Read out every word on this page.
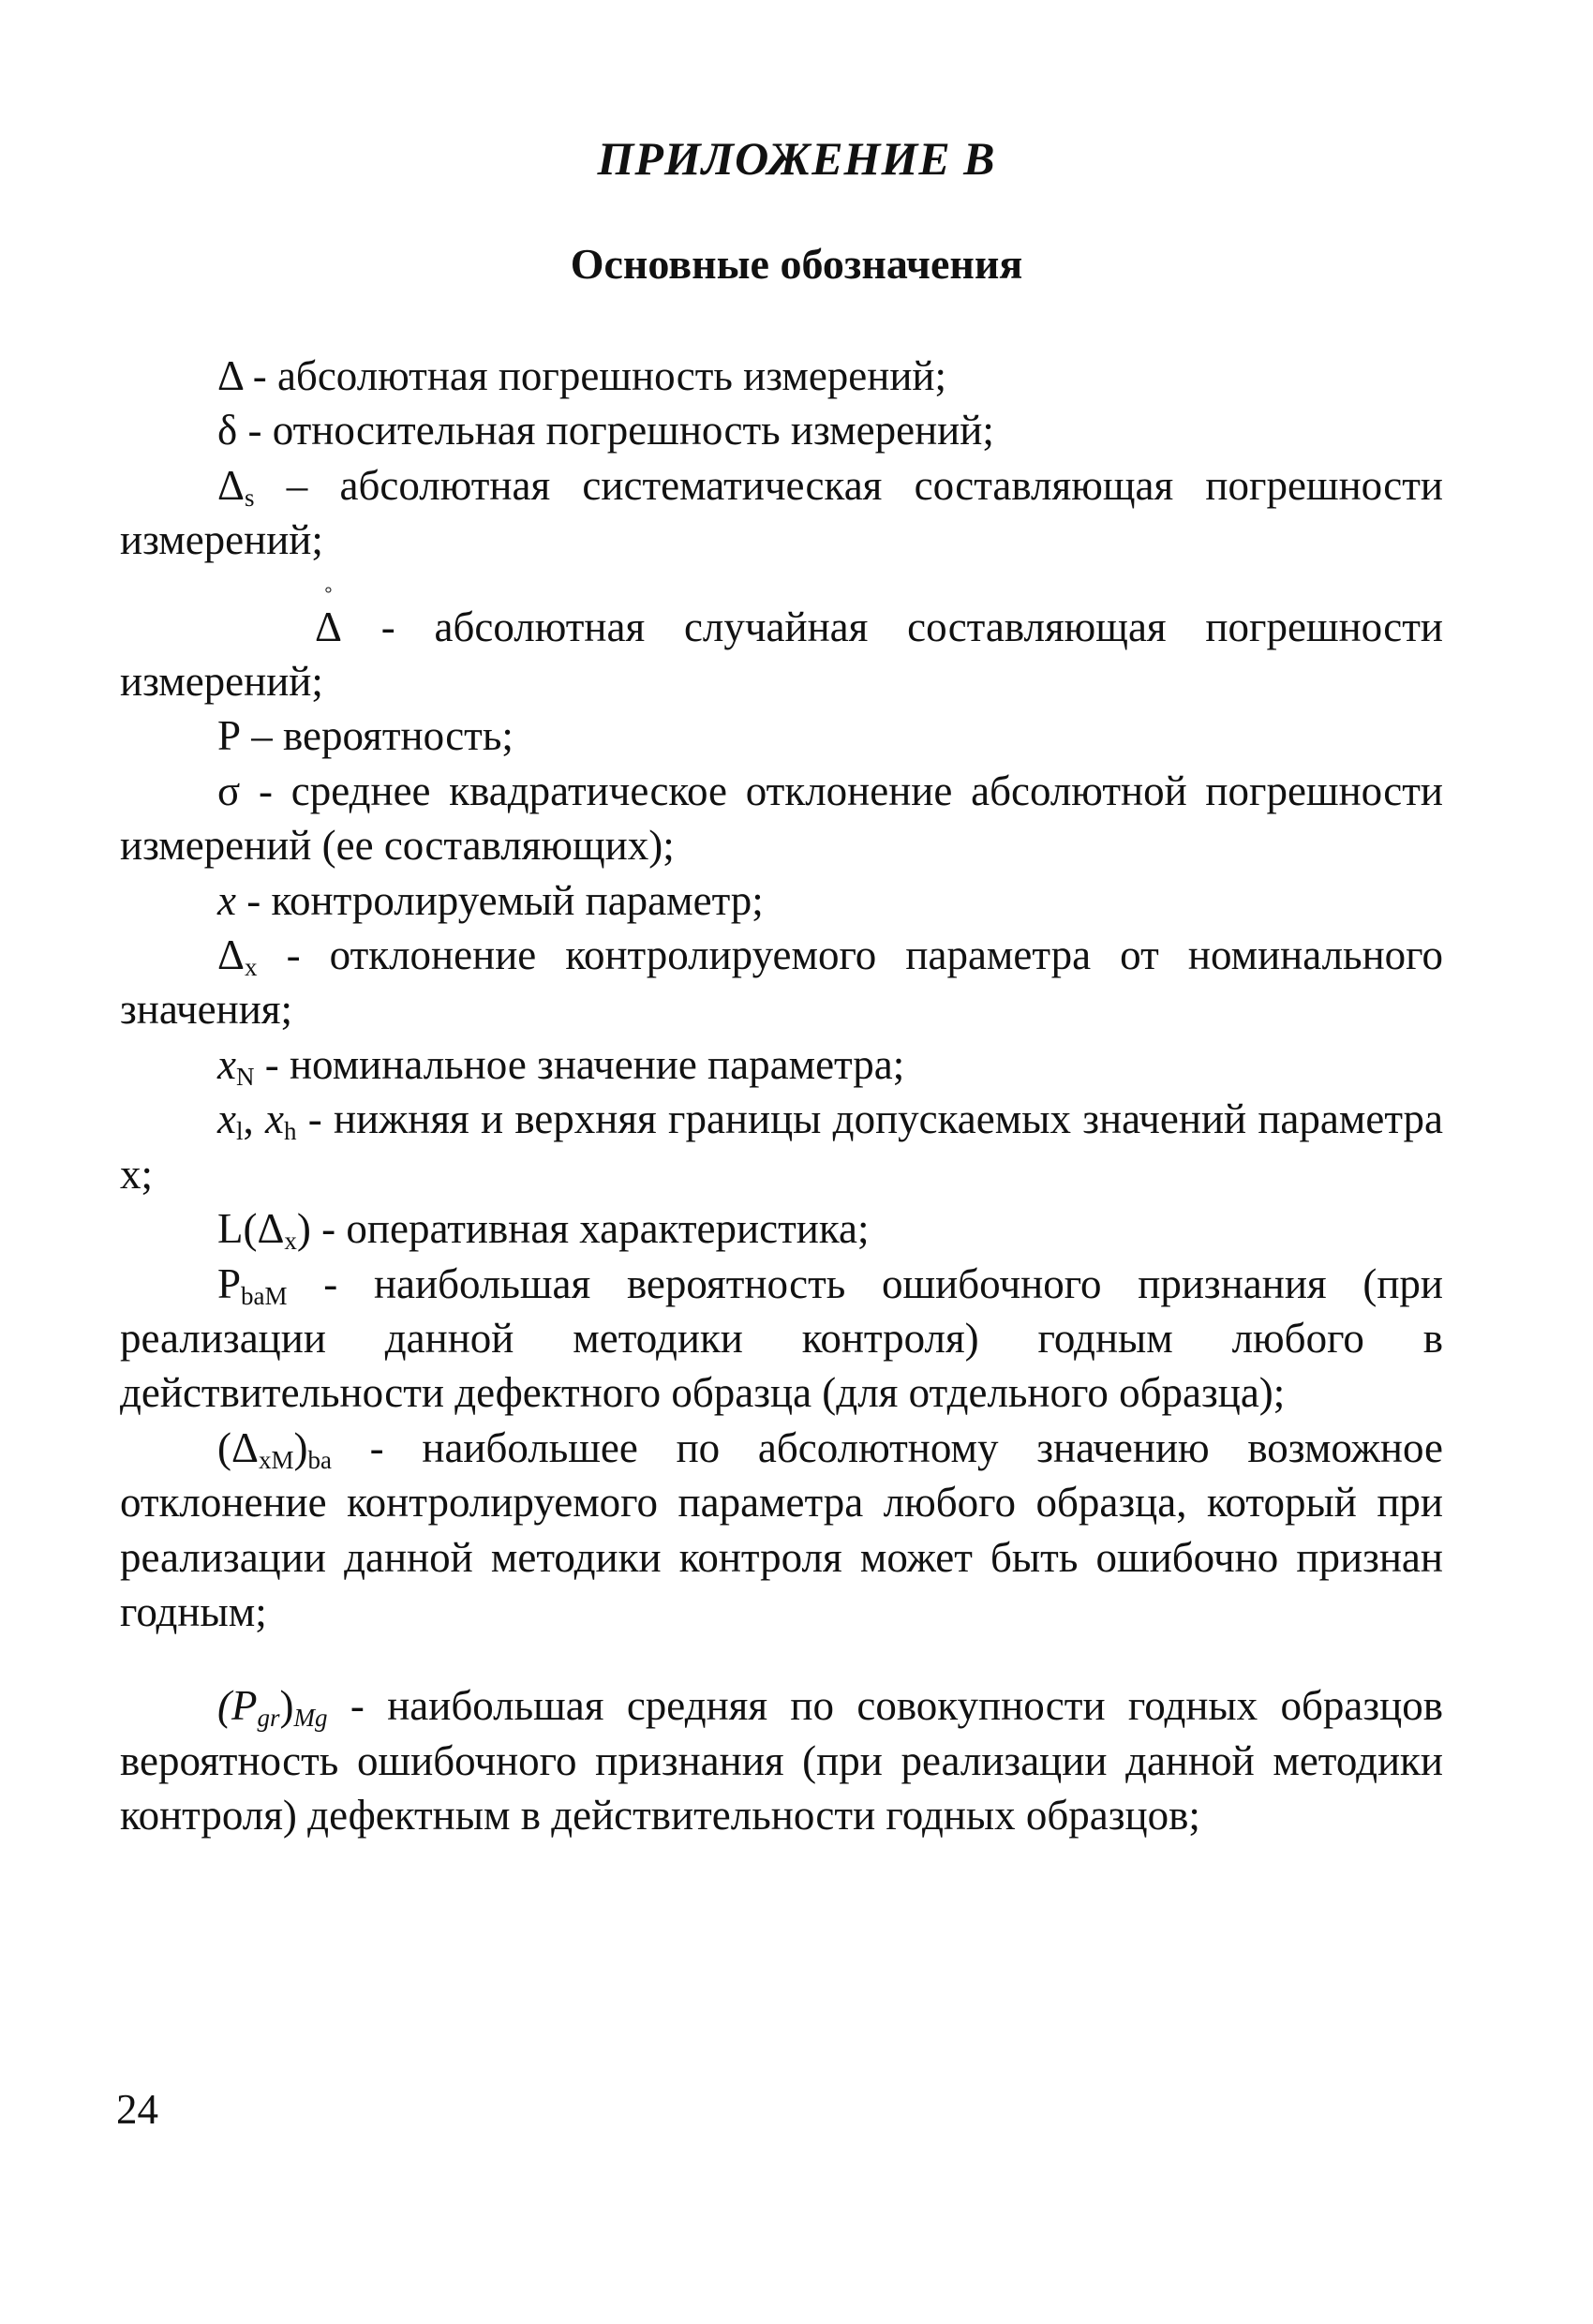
ПРИЛОЖЕНИЕ В
Основные обозначения

Δ - абсолютная погрешность измерений;

δ - относительная погрешность измерений;

$\Delta_s$ – абсолютная систематическая составляющая погрешности измерений;

°
Δ - абсолютная случайная составляющая погрешности измерений;

Р – вероятность;

σ - среднее квадратическое отклонение абсолютной погрешности измерений (ее составляющих);

x - контролируемый параметр;

$\Delta_x$ - отклонение контролируемого параметра от номинального значения;

$x_N$ - номинальное значение параметра;

$x_l$, $x_h$ - нижняя и верхняя границы допускаемых значений параметра х;

$L(\Delta_x)$ - оперативная характеристика;

$P_{baM}$ - наибольшая вероятность ошибочного признания (при реализации данной методики контроля) годным любого в действительности дефектного образца (для отдельного образца);

$(\Delta_{xM})_{ba}$ - наибольшее по абсолютному значению возможное отклонение контролируемого параметра любого образца, который при реализации данной методики контроля может быть ошибочно признан годным;

$(P_{gr})_{Mg}$ - наибольшая средняя по совокупности годных образцов вероятность ошибочного признания (при реализации данной методики контроля) дефектным в действительности годных образцов;

24
